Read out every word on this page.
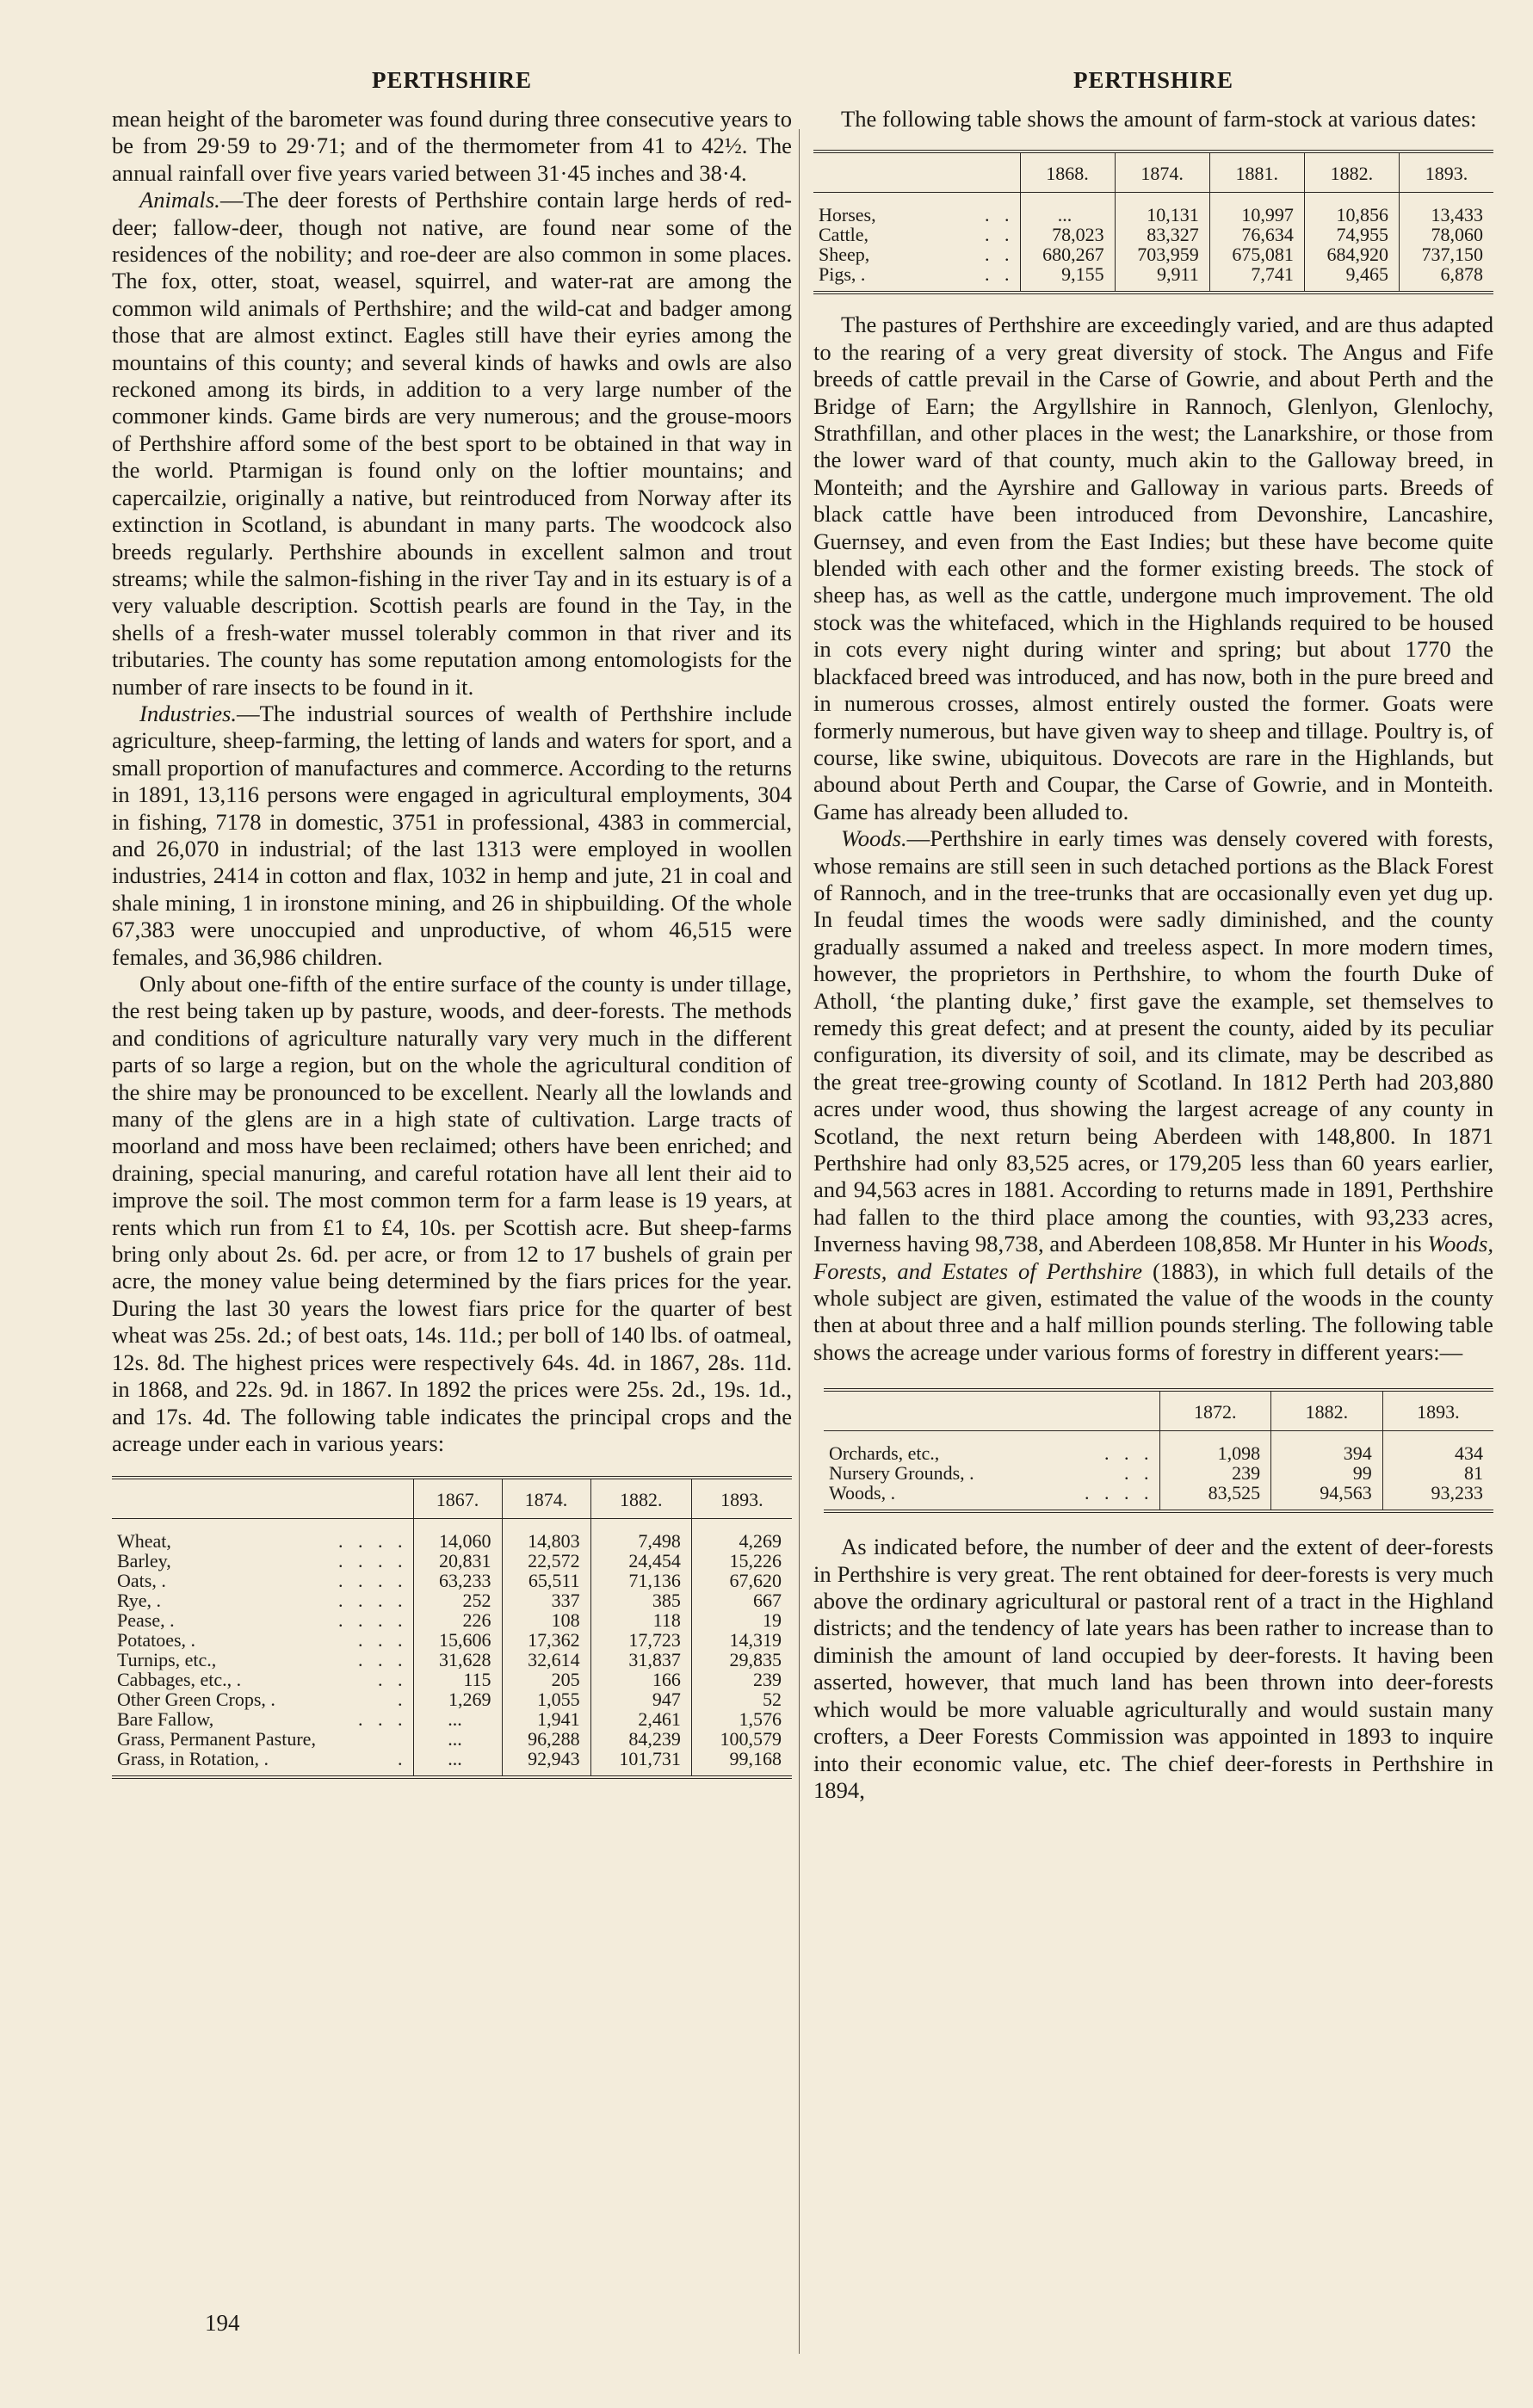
PERTHSHIRE

mean height of the barometer was found during three consecutive years to be from 29·59 to 29·71; and of the thermometer from 41 to 42½. The annual rainfall over five years varied between 31·45 inches and 38·4.

Animals.—The deer forests of Perthshire contain large herds of red-deer; fallow-deer, though not native, are found near some of the residences of the nobility; and roe-deer are also common in some places. The fox, otter, stoat, weasel, squirrel, and water-rat are among the common wild animals of Perthshire; and the wild-cat and badger among those that are almost extinct. Eagles still have their eyries among the mountains of this county; and several kinds of hawks and owls are also reckoned among its birds, in addition to a very large number of the commoner kinds. Game birds are very numerous; and the grouse-moors of Perthshire afford some of the best sport to be obtained in that way in the world. Ptarmigan is found only on the loftier mountains; and capercailzie, originally a native, but reintroduced from Norway after its extinction in Scotland, is abundant in many parts. The woodcock also breeds regularly. Perthshire abounds in excellent salmon and trout streams; while the salmon-fishing in the river Tay and in its estuary is of a very valuable description. Scottish pearls are found in the Tay, in the shells of a fresh-water mussel tolerably common in that river and its tributaries. The county has some reputation among entomologists for the number of rare insects to be found in it.

Industries.—The industrial sources of wealth of Perthshire include agriculture, sheep-farming, the letting of lands and waters for sport, and a small proportion of manufactures and commerce. According to the returns in 1891, 13,116 persons were engaged in agricultural employments, 304 in fishing, 7178 in domestic, 3751 in professional, 4383 in commercial, and 26,070 in industrial; of the last 1313 were employed in woollen industries, 2414 in cotton and flax, 1032 in hemp and jute, 21 in coal and shale mining, 1 in ironstone mining, and 26 in shipbuilding. Of the whole 67,383 were unoccupied and unproductive, of whom 46,515 were females, and 36,986 children.

Only about one-fifth of the entire surface of the county is under tillage, the rest being taken up by pasture, woods, and deer-forests. The methods and conditions of agriculture naturally vary very much in the different parts of so large a region, but on the whole the agricultural condition of the shire may be pronounced to be excellent. Nearly all the lowlands and many of the glens are in a high state of cultivation. Large tracts of moorland and moss have been reclaimed; others have been enriched; and draining, special manuring, and careful rotation have all lent their aid to improve the soil. The most common term for a farm lease is 19 years, at rents which run from £1 to £4, 10s. per Scottish acre. But sheep-farms bring only about 2s. 6d. per acre, or from 12 to 17 bushels of grain per acre, the money value being determined by the fiars prices for the year. During the last 30 years the lowest fiars price for the quarter of best wheat was 25s. 2d.; of best oats, 14s. 11d.; per boll of 140 lbs. of oatmeal, 12s. 8d. The highest prices were respectively 64s. 4d. in 1867, 28s. 11d. in 1868, and 22s. 9d. in 1867. In 1892 the prices were 25s. 2d., 19s. 1d., and 17s. 4d. The following table indicates the principal crops and the acreage under each in various years:

	1867.	1874.	1882.	1893.
Wheat, . . . .	14,060	14,803	7,498	4,269
Barley, . . . .	20,831	22,572	24,454	15,226
Oats, . . . . .	63,233	65,511	71,136	67,620
Rye, . . . . .	252	337	385	667
Pease, . . . . .	226	108	118	19
Potatoes, . . . .	15,606	17,362	17,723	14,319
Turnips, etc., . . .	31,628	32,614	31,837	29,835
Cabbages, etc., . . .	115	205	166	239
Other Green Crops, . .	1,269	1,055	947	52
Bare Fallow, . . .	...	1,941	2,461	1,576
Grass, Permanent Pasture,	...	96,288	84,239	100,579
Grass, in Rotation, . .	...	92,943	101,731	99,168
194
PERTHSHIRE

The following table shows the amount of farm-stock at various dates:

	1868.	1874.	1881.	1882.	1893.
Horses, . .	...	10,131	10,997	10,856	13,433
Cattle, . .	78,023	83,327	76,634	74,955	78,060
Sheep, . .	680,267	703,959	675,081	684,920	737,150
Pigs, . . .	9,155	9,911	7,741	9,465	6,878

The pastures of Perthshire are exceedingly varied, and are thus adapted to the rearing of a very great diversity of stock. The Angus and Fife breeds of cattle prevail in the Carse of Gowrie, and about Perth and the Bridge of Earn; the Argyllshire in Rannoch, Glenlyon, Glenlochy, Strathfillan, and other places in the west; the Lanarkshire, or those from the lower ward of that county, much akin to the Galloway breed, in Monteith; and the Ayrshire and Galloway in various parts. Breeds of black cattle have been introduced from Devonshire, Lancashire, Guernsey, and even from the East Indies; but these have become quite blended with each other and the former existing breeds. The stock of sheep has, as well as the cattle, undergone much improvement. The old stock was the whitefaced, which in the Highlands required to be housed in cots every night during winter and spring; but about 1770 the blackfaced breed was introduced, and has now, both in the pure breed and in numerous crosses, almost entirely ousted the former. Goats were formerly numerous, but have given way to sheep and tillage. Poultry is, of course, like swine, ubiquitous. Dovecots are rare in the Highlands, but abound about Perth and Coupar, the Carse of Gowrie, and in Monteith. Game has already been alluded to.

Woods.—Perthshire in early times was densely covered with forests, whose remains are still seen in such detached portions as the Black Forest of Rannoch, and in the tree-trunks that are occasionally even yet dug up. In feudal times the woods were sadly diminished, and the county gradually assumed a naked and treeless aspect. In more modern times, however, the proprietors in Perthshire, to whom the fourth Duke of Atholl, ‘the planting duke,’ first gave the example, set themselves to remedy this great defect; and at present the county, aided by its peculiar configuration, its diversity of soil, and its climate, may be described as the great tree-growing county of Scotland. In 1812 Perth had 203,880 acres under wood, thus showing the largest acreage of any county in Scotland, the next return being Aberdeen with 148,800. In 1871 Perthshire had only 83,525 acres, or 179,205 less than 60 years earlier, and 94,563 acres in 1881. According to returns made in 1891, Perthshire had fallen to the third place among the counties, with 93,233 acres, Inverness having 98,738, and Aberdeen 108,858. Mr Hunter in his Woods, Forests, and Estates of Perthshire (1883), in which full details of the whole subject are given, estimated the value of the woods in the county then at about three and a half million pounds sterling. The following table shows the acreage under various forms of forestry in different years:—

	1872.	1882.	1893.
Orchards, etc., . . .	1,098	394	434
Nursery Grounds, . . .	239	99	81
Woods, . . . . .	83,525	94,563	93,233

As indicated before, the number of deer and the extent of deer-forests in Perthshire is very great. The rent obtained for deer-forests is very much above the ordinary agricultural or pastoral rent of a tract in the Highland districts; and the tendency of late years has been rather to increase than to diminish the amount of land occupied by deer-forests. It having been asserted, however, that much land has been thrown into deer-forests which would be more valuable agriculturally and would sustain many crofters, a Deer Forests Commission was appointed in 1893 to inquire into their economic value, etc. The chief deer-forests in Perthshire in 1894,
